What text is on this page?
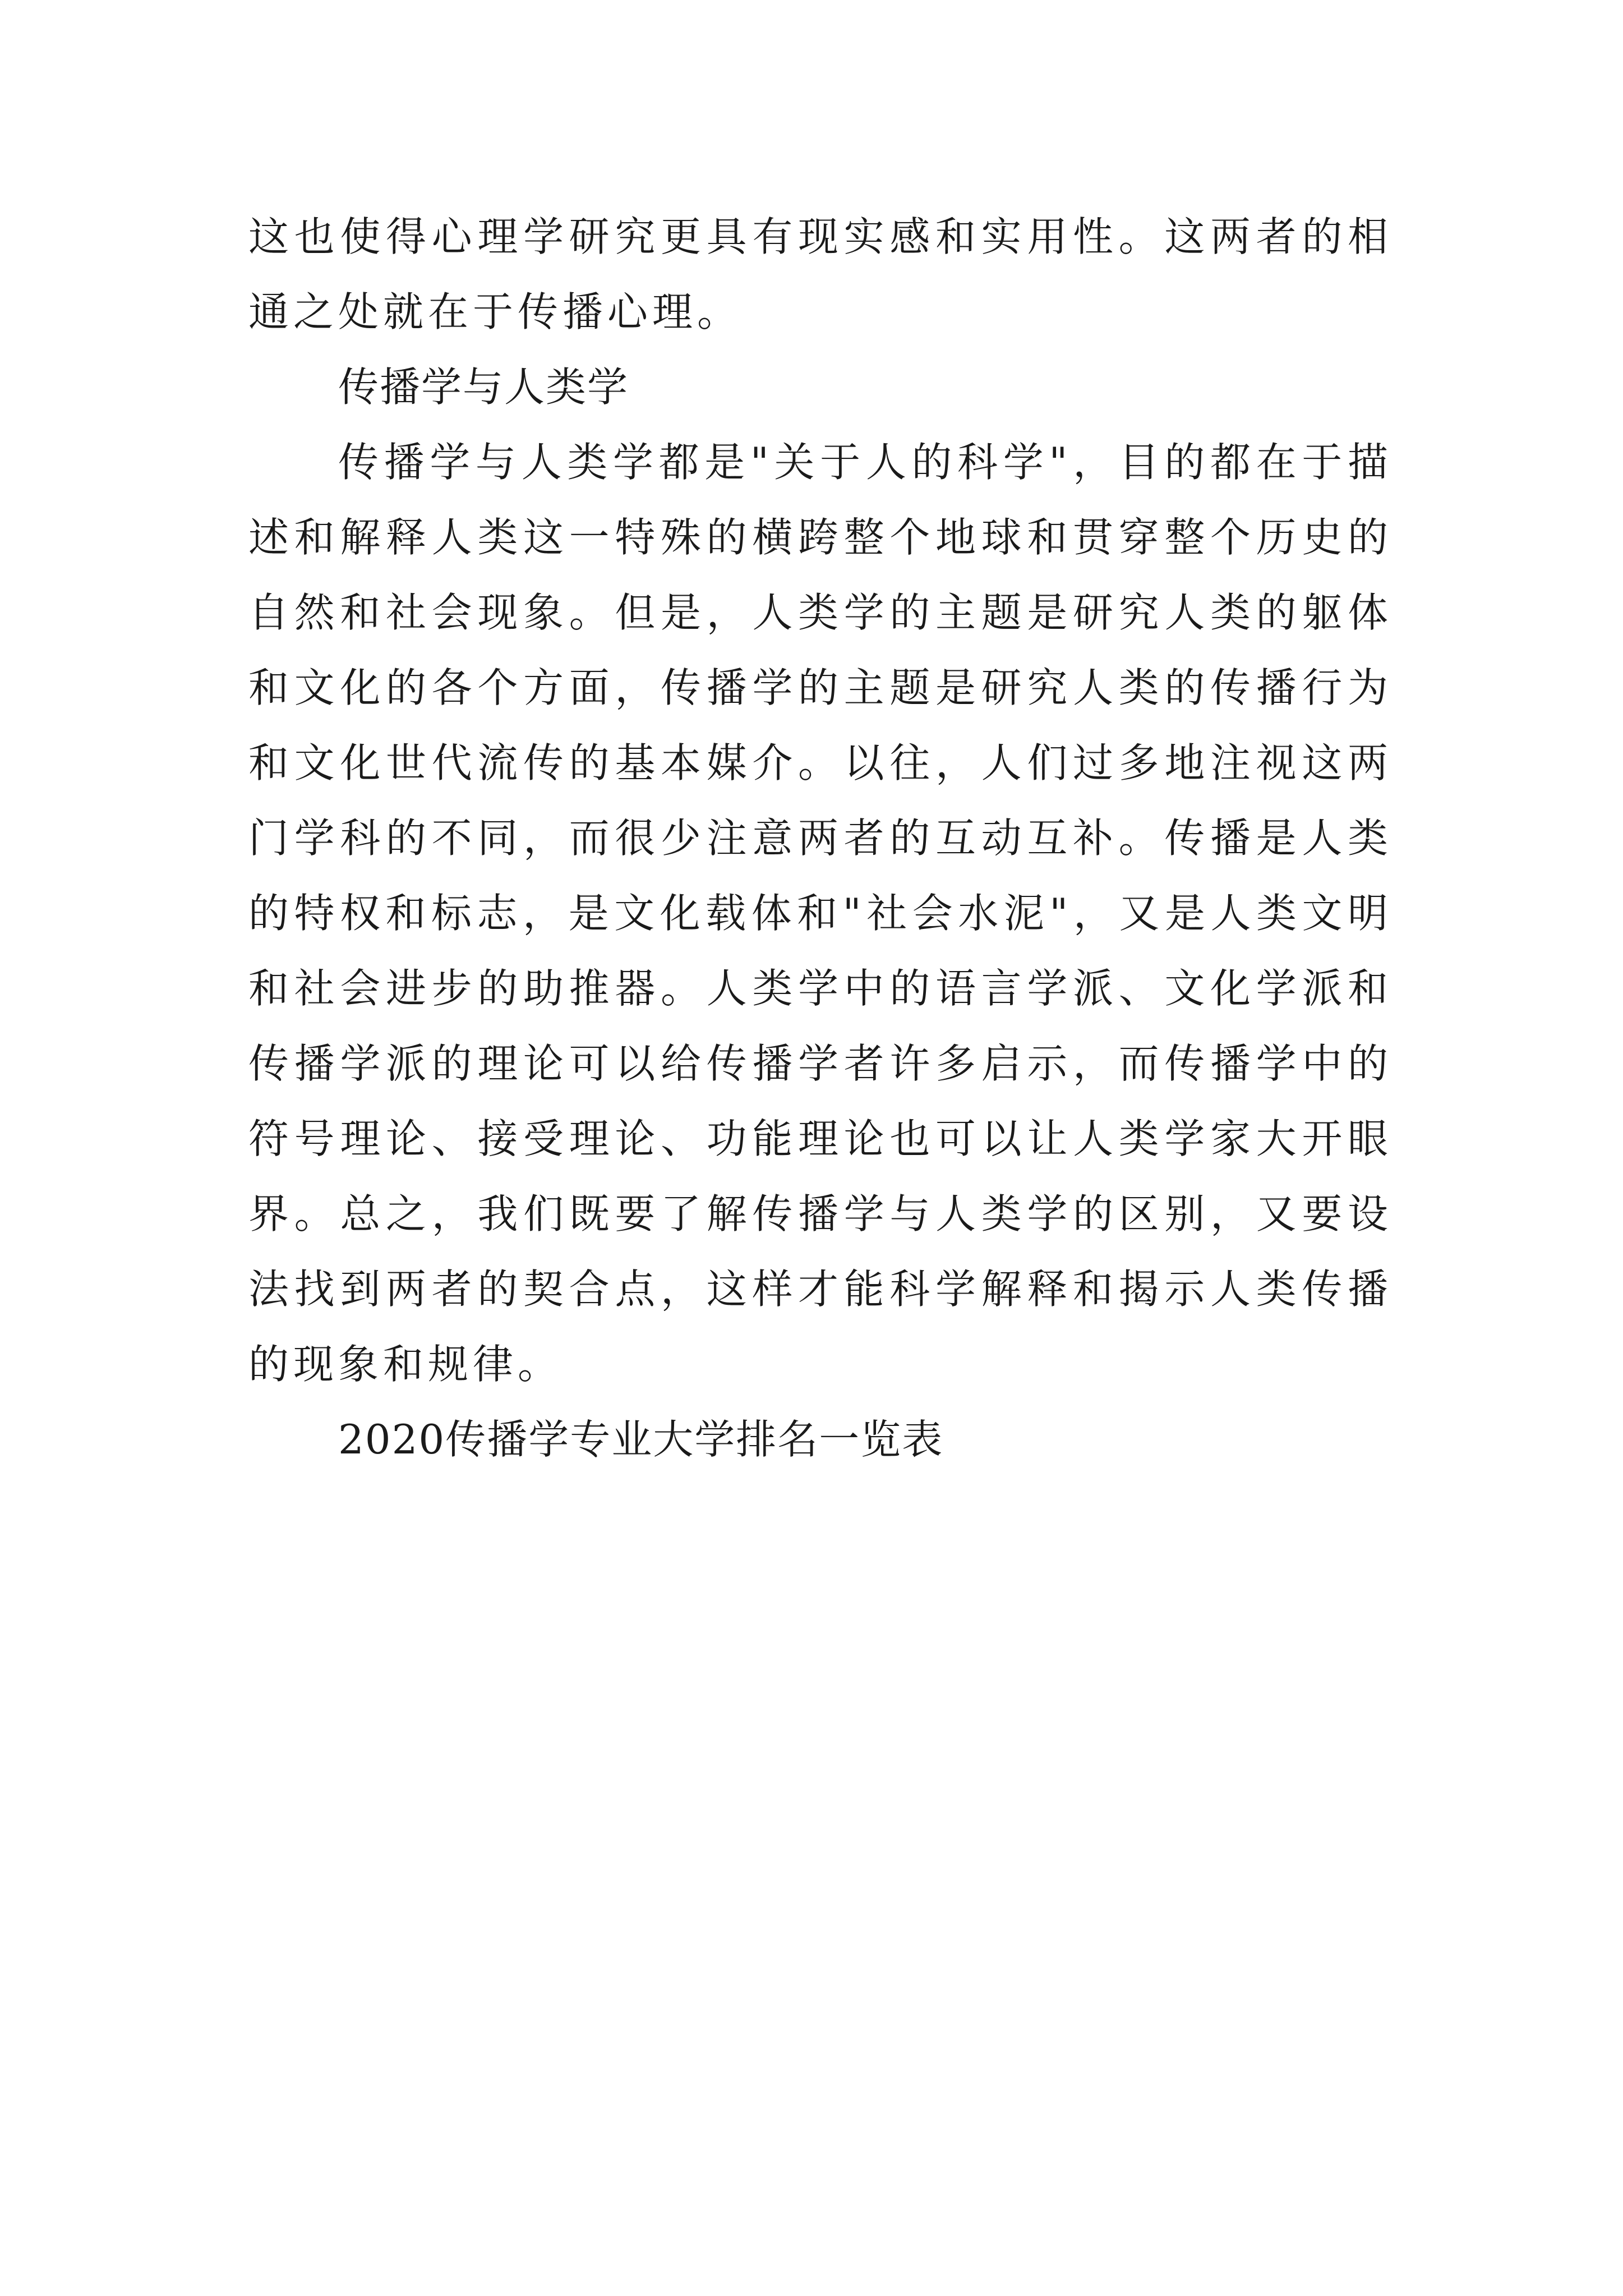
这也使得心理学研究更具有现实感和实用性。这两者的相通之处就在于传播心理。

传播学与人类学

传播学与人类学都是"关于人的科学"，目的都在于描述和解释人类这一特殊的横跨整个地球和贯穿整个历史的自然和社会现象。但是，人类学的主题是研究人类的躯体和文化的各个方面，传播学的主题是研究人类的传播行为和文化世代流传的基本媒介。以往，人们过多地注视这两门学科的不同，而很少注意两者的互动互补。传播是人类的特权和标志，是文化载体和"社会水泥"，又是人类文明和社会进步的助推器。人类学中的语言学派、文化学派和传播学派的理论可以给传播学者许多启示，而传播学中的符号理论、接受理论、功能理论也可以让人类学家大开眼界。总之，我们既要了解传播学与人类学的区别，又要设法找到两者的契合点，这样才能科学解释和揭示人类传播的现象和规律。

2020传播学专业大学排名一览表
